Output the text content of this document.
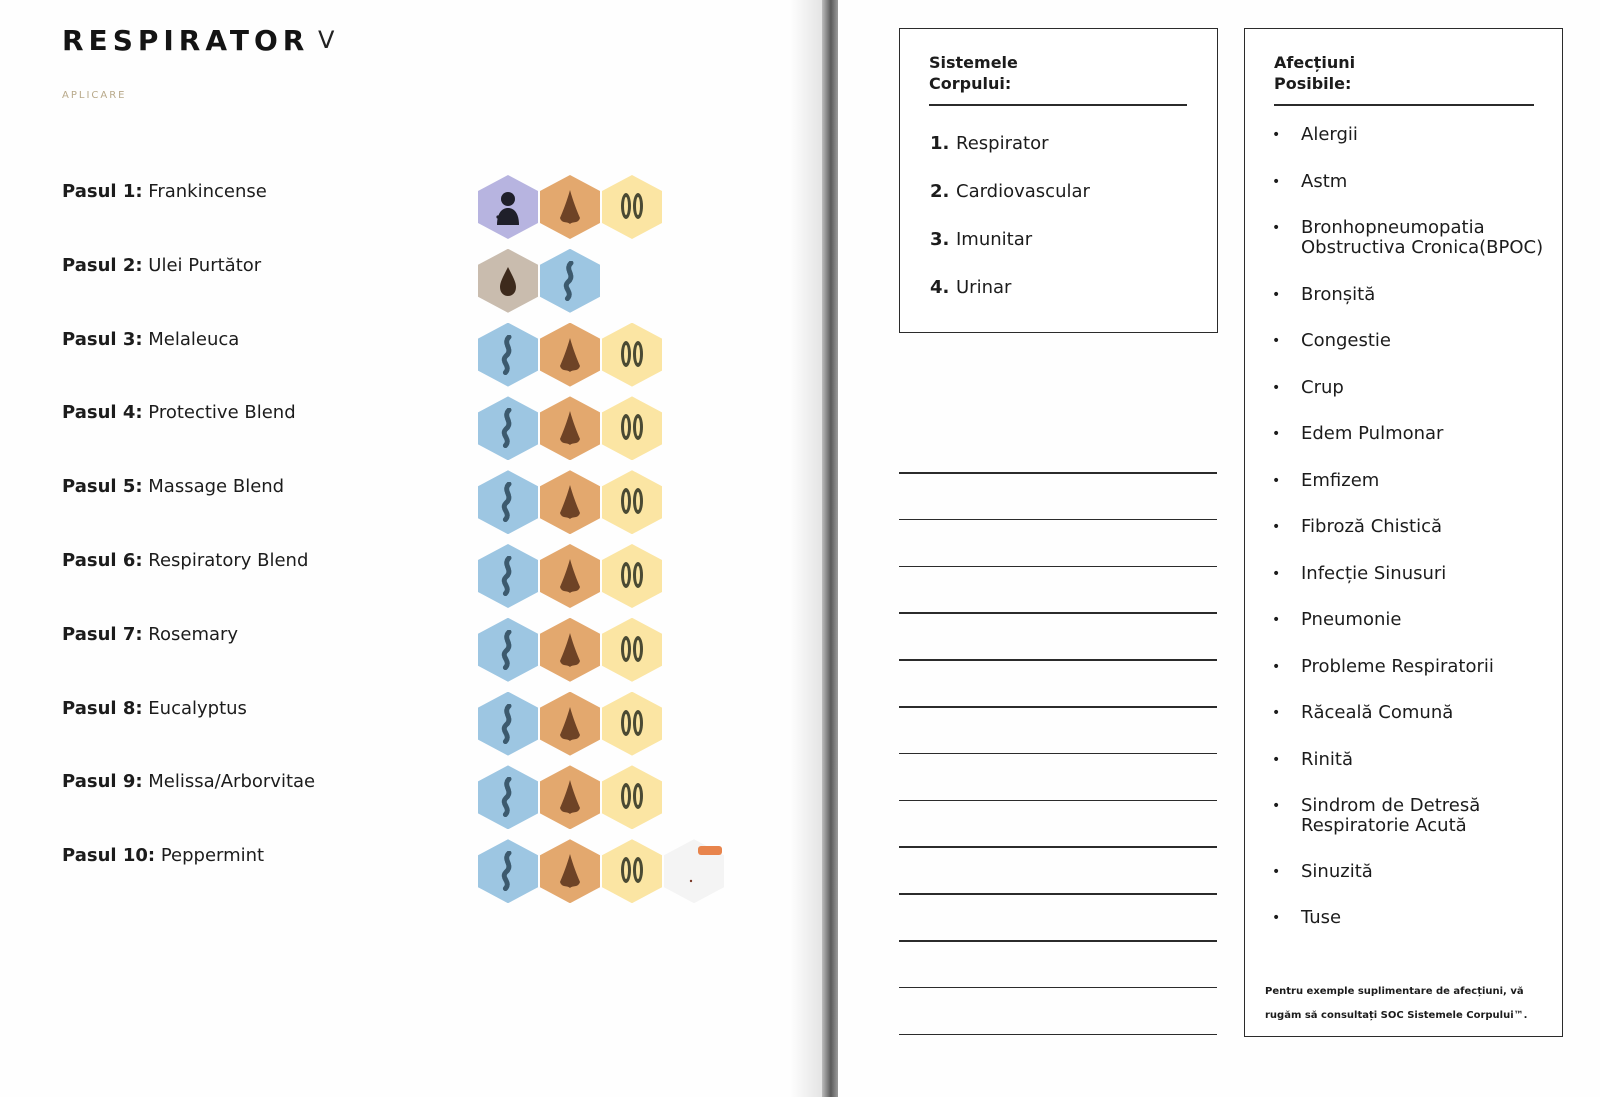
RESPIRATOR V
APLICARE
Pasul 1: Frankincense
Pasul 2: Ulei Purtător
Pasul 3: Melaleuca
Pasul 4: Protective Blend
Pasul 5: Massage Blend
Pasul 6: Respiratory Blend
Pasul 7: Rosemary
Pasul 8: Eucalyptus
Pasul 9: Melissa/Arborvitae
Pasul 10: Peppermint
Sistemele
Corpului:
1. Respirator
2. Cardiovascular
3. Imunitar
4. Urinar
Afecțiuni
Posibile:
• Alergii
• Astm
• Bronhopneumopatia
Obstructiva Cronica(BPOC)
• Bronșită
• Congestie
• Crup
• Edem Pulmonar
• Emfizem
• Fibroză Chistică
• Infecție Sinusuri
• Pneumonie
• Probleme Respiratorii
• Răceală Comună
• Rinită
• Sindrom de Detresă
Respiratorie Acută
• Sinuzită
• Tuse
Pentru exemple suplimentare de afecțiuni, vă
rugăm să consultați SOC Sistemele Corpului™.
